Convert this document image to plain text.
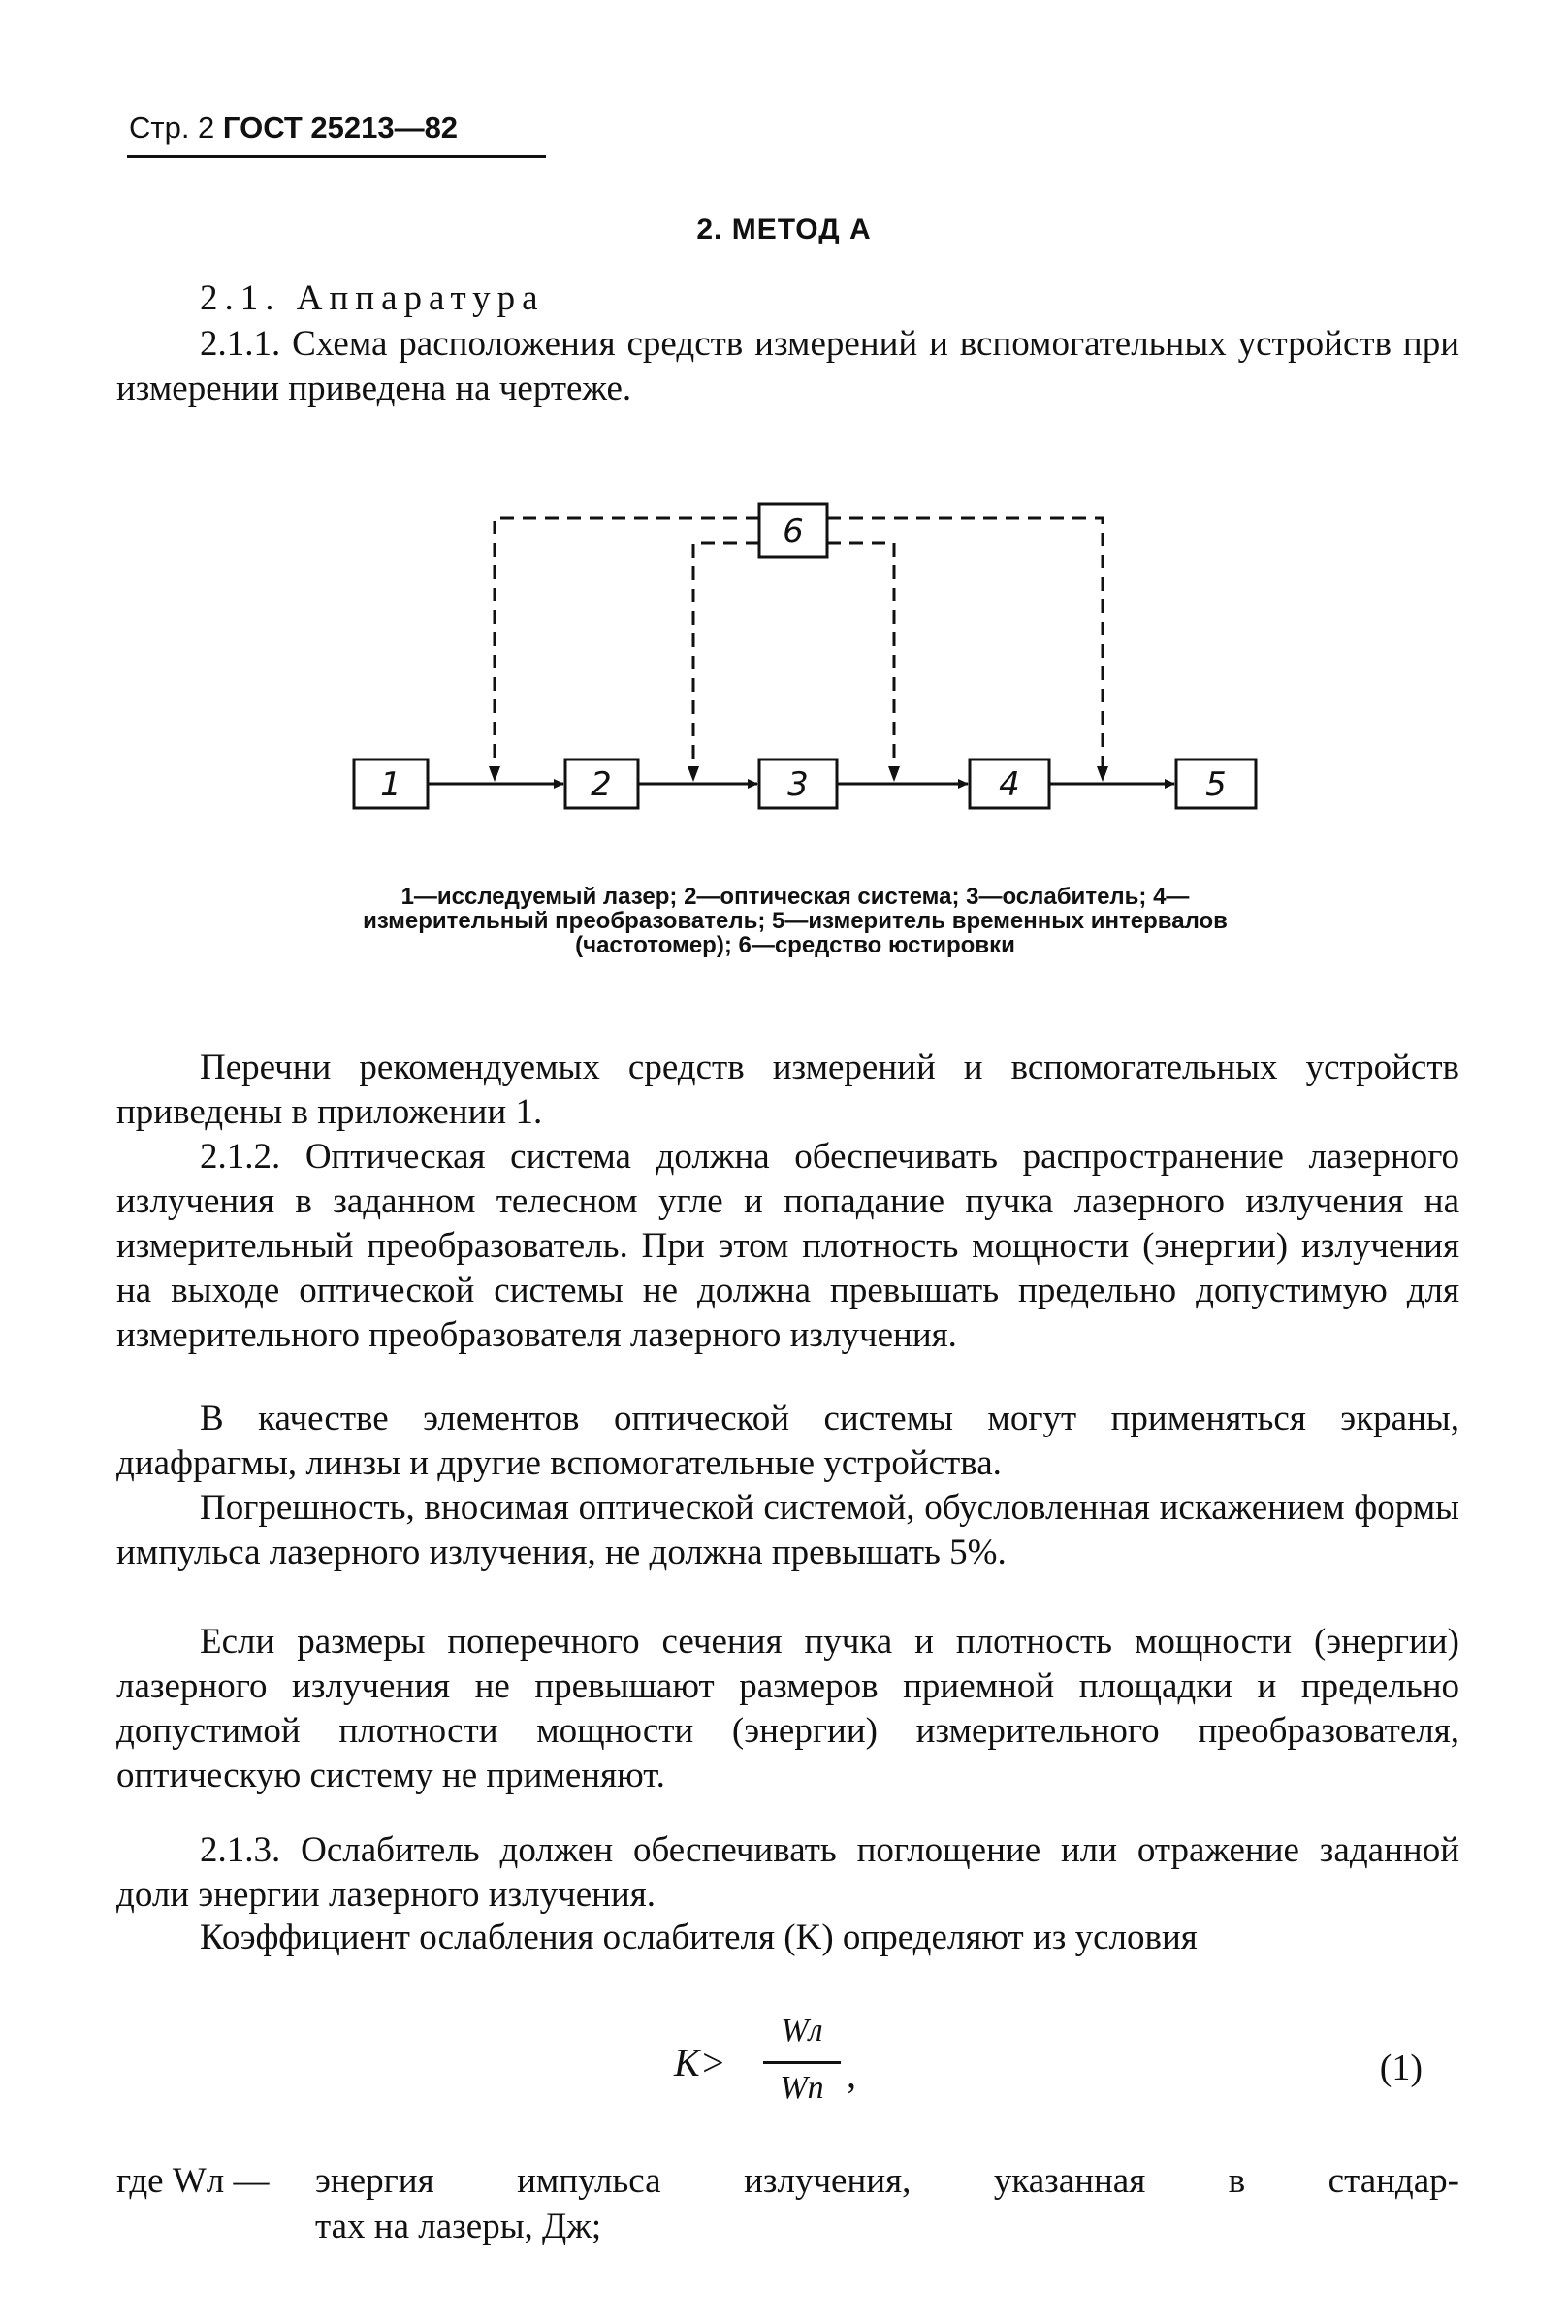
Стр. 2 ГОСТ 25213—82
2. МЕТОД А

2.1. Аппаратура

2.1.1. Схема расположения средств измерений и вспомогательных устройств при измерении приведена на чертеже.

1	2	3	4	5
6

1—исследуемый лазер; 2—оптическая система; 3—ослабитель; 4—измерительный преобразователь; 5—измеритель временных интервалов (частотомер); 6—средство юстировки

Перечни рекомендуемых средств измерений и вспомогательных устройств приведены в приложении 1.

2.1.2. Оптическая система должна обеспечивать распространение лазерного излучения в заданном телесном угле и попадание пучка лазерного излучения на измерительный преобразователь. При этом плотность мощности (энергии) излучения на выходе оптической системы не должна превышать предельно допустимую для измерительного преобразователя лазерного излучения.

В качестве элементов оптической системы могут применяться экраны, диафрагмы, линзы и другие вспомогательные устройства.

Погрешность, вносимая оптической системой, обусловленная искажением формы импульса лазерного излучения, не должна превышать 5%.

Если размеры поперечного сечения пучка и плотность мощности (энергии) лазерного излучения не превышают размеров приемной площадки и предельно допустимой плотности мощности (энергии) измерительного преобразователя, оптическую систему не применяют.

2.1.3. Ослабитель должен обеспечивать поглощение или отражение заданной доли энергии лазерного излучения.

Коэффициент ослабления ослабителя (K) определяют из условия

K>
Wл
Wп ,	(1)
где Wл — энергия импульса излучения, указанная в стандар-
тах на лазеры, Дж;
